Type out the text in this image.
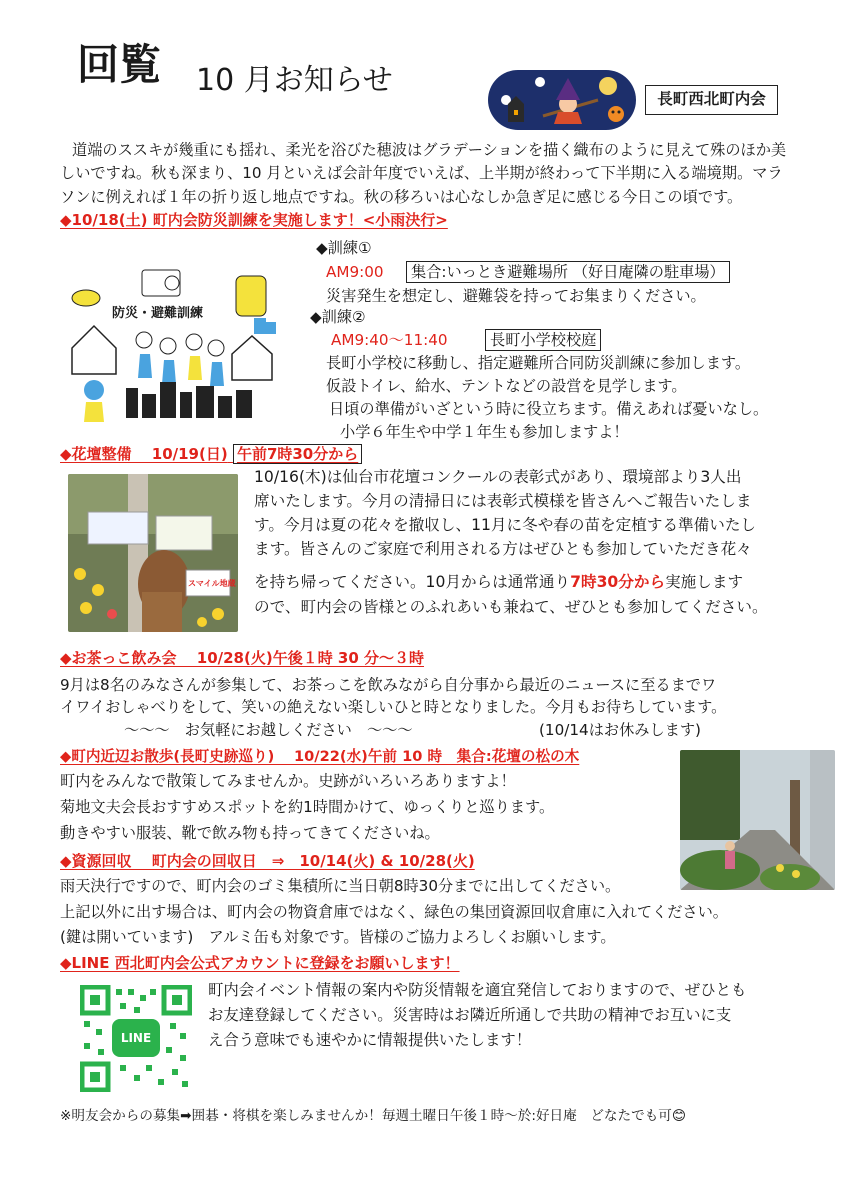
回覧 10 月お知らせ
長町西北町内会
道端のススキが幾重にも揺れ、柔光を浴びた穂波はグラデーションを描く織布のように見えて殊のほか美
しいですね。秋も深まり、10 月といえば会計年度でいえば、上半期が終わって下半期に入る端境期。マラ
ソンに例えれば１年の折り返し地点ですね。秋の移ろいは心なしか急ぎ足に感じる今日この頃です。
◆10/18(土) 町内会防災訓練を実施します！<小雨決行>
防災・避難訓練
◆訓練①
AM9:00	集合:いっとき避難場所 （好日庵隣の駐車場）
災害発生を想定し、避難袋を持ってお集まりください。
◆訓練②
AM9:40～11:40	長町小学校校庭
長町小学校に移動し、指定避難所合同防災訓練に参加します。
仮設トイレ、給水、テントなどの設営を見学します。
日頃の準備がいざという時に役立ちます。備えあれば憂いなし。
小学６年生や中学１年生も参加しますよ！
◆花壇整備　 10/19(日) 午前7時30分から
スマイル地蔵
10/16(木)は仙台市花壇コンクールの表彰式があり、環境部より3人出
席いたします。今月の清掃日には表彰式模様を皆さんへご報告いたしま
す。今月は夏の花々を撤収し、11月に冬や春の苗を定植する準備いたし
ます。皆さんのご家庭で利用される方はぜひとも参加していただき花々
を持ち帰ってください。10月からは通常通り7時30分から実施します
ので、町内会の皆様とのふれあいも兼ねて、ぜひとも参加してください。
◆お茶っこ飲み会　 10/28(火)午後１時 30 分～３時
9月は8名のみなさんが参集して、お茶っこを飲みながら自分事から最近のニュースに至るまでワ
イワイおしゃべりをして、笑いの絶えない楽しいひと時となりました。今月もお待ちしています。
～～～　お気軽にお越しください　～～～	(10/14はお休みします)
◆町内近辺お散歩(長町史跡巡り)　 10/22(水)午前 10 時　集合:花壇の松の木
町内をみんなで散策してみませんか。史跡がいろいろありますよ！
菊地文夫会長おすすめスポットを約1時間かけて、ゆっくりと巡ります。
動きやすい服装、靴で飲み物も持ってきてくださいね。
◆資源回収　 町内会の回収日　⇒　10/14(火) & 10/28(火)
雨天決行ですので、町内会のゴミ集積所に当日朝8時30分までに出してください。
上記以外に出す場合は、町内会の物資倉庫ではなく、緑色の集団資源回収倉庫に入れてください。
(鍵は開いています)　アルミ缶も対象です。皆様のご協力よろしくお願いします。
◆LINE 西北町内会公式アカウントに登録をお願いします！
LINE
町内会イベント情報の案内や防災情報を適宜発信しておりますので、ぜひとも
お友達登録してください。災害時はお隣近所通しで共助の精神でお互いに支
え合う意味でも速やかに情報提供いたします！
※明友会からの募集➡囲碁・将棋を楽しみませんか！毎週土曜日午後１時～於:好日庵　どなたでも可😊
